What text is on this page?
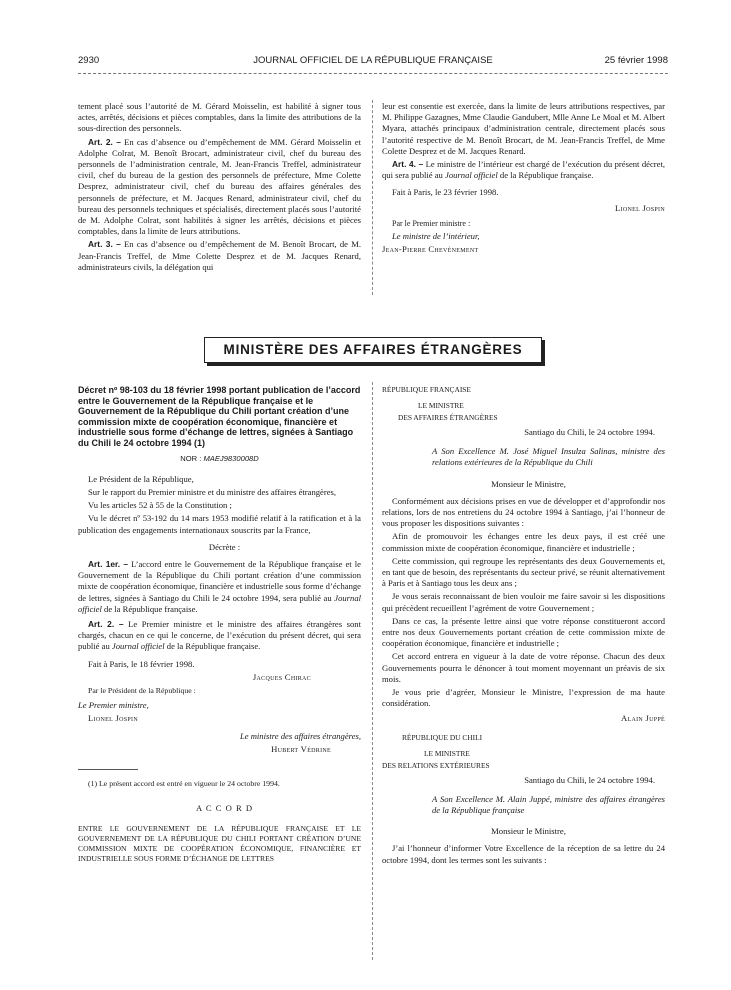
2930	JOURNAL OFFICIEL DE LA RÉPUBLIQUE FRANÇAISE	25 février 1998

tement placé sous l’autorité de M. Gérard Moisselin, est habilité à signer tous actes, arrêtés, décisions et pièces comptables, dans la limite des attributions de la sous-direction des personnels.

Art. 2. – En cas d’absence ou d’empêchement de MM. Gérard Moisselin et Adolphe Colrat, M. Benoît Brocart, administrateur civil, chef du bureau des personnels de l’administration centrale, M. Jean-Francis Treffel, administrateur civil, chef du bureau de la gestion des personnels de préfecture, Mme Colette Desprez, administrateur civil, chef du bureau des affaires générales des personnels de préfecture, et M. Jacques Renard, administrateur civil, chef du bureau des personnels techniques et spécialisés, directement placés sous l’autorité de M. Adolphe Colrat, sont habilités à signer les arrêtés, décisions et pièces comptables, dans la limite de leurs attributions.

Art. 3. – En cas d’absence ou d’empêchement de M. Benoît Brocart, de M. Jean-Francis Treffel, de Mme Colette Desprez et de M. Jacques Renard, administrateurs civils, la délégation qui

leur est consentie est exercée, dans la limite de leurs attributions respectives, par M. Philippe Gazagnes, Mme Claudie Gandubert, Mlle Anne Le Moal et M. Albert Myara, attachés principaux d’administration centrale, directement placés sous l’autorité respective de M. Benoît Brocart, de M. Jean-Francis Treffel, de Mme Colette Desprez et de M. Jacques Renard.

Art. 4. – Le ministre de l’intérieur est chargé de l’exécution du présent décret, qui sera publié au Journal officiel de la République française.

Fait à Paris, le 23 février 1998.

Lionel Jospin

Par le Premier ministre :

Le ministre de l’intérieur,

Jean-Pierre Chevènement

MINISTÈRE DES AFFAIRES ÉTRANGÈRES
Décret nº 98-103 du 18 février 1998 portant publication de l’accord entre le Gouvernement de la République française et le Gouvernement de la République du Chili portant création d’une commission mixte de coopération économique, financière et industrielle sous forme d’échange de lettres, signées à Santiago du Chili le 24 octobre 1994 (1)
NOR : MAEJ9830008D

Le Président de la République,

Sur le rapport du Premier ministre et du ministre des affaires étrangères,

Vu les articles 52 à 55 de la Constitution ;

Vu le décret nº 53-192 du 14 mars 1953 modifié relatif à la ratification et à la publication des engagements internationaux souscrits par la France,

Décrète :

Art. 1er. – L’accord entre le Gouvernement de la République française et le Gouvernement de la République du Chili portant création d’une commission mixte de coopération économique, financière et industrielle sous forme d’échange de lettres, signées à Santiago du Chili le 24 octobre 1994, sera publié au Journal officiel de la République française.

Art. 2. – Le Premier ministre et le ministre des affaires étrangères sont chargés, chacun en ce qui le concerne, de l’exécution du présent décret, qui sera publié au Journal officiel de la République française.

Fait à Paris, le 18 février 1998.

Jacques Chirac

Par le Président de la République :

Le Premier ministre,

Lionel Jospin

Le ministre des affaires étrangères,

Hubert Védrine

(1) Le présent accord est entré en vigueur le 24 octobre 1994.

A C C O R D

ENTRE LE GOUVERNEMENT DE LA RÉPUBLIQUE FRANÇAISE ET LE GOUVERNEMENT DE LA RÉPUBLIQUE DU CHILI PORTANT CRÉATION D’UNE COMMISSION MIXTE DE COOPÉRATION ÉCONOMIQUE, FINANCIÈRE ET INDUSTRIELLE SOUS FORME D’ÉCHANGE DE LETTRES

RÉPUBLIQUE FRANÇAISE

LE MINISTRE

DES AFFAIRES ÉTRANGÈRES

Santiago du Chili, le 24 octobre 1994.

A Son Excellence M. José Miguel Insulza Salinas, ministre des relations extérieures de la République du Chili

Monsieur le Ministre,

Conformément aux décisions prises en vue de développer et d’approfondir nos relations, lors de nos entretiens du 24 octobre 1994 à Santiago, j’ai l’honneur de vous proposer les dispositions suivantes :

Afin de promouvoir les échanges entre les deux pays, il est créé une commission mixte de coopération économique, financière et industrielle ;

Cette commission, qui regroupe les représentants des deux Gouvernements et, en tant que de besoin, des représentants du secteur privé, se réunit alternativement à Paris et à Santiago tous les deux ans ;

Je vous serais reconnaissant de bien vouloir me faire savoir si les dispositions qui précèdent recueillent l’agrément de votre Gouvernement ;

Dans ce cas, la présente lettre ainsi que votre réponse constitueront accord entre nos deux Gouvernements portant création de cette commission mixte de coopération économique, financière et industrielle ;

Cet accord entrera en vigueur à la date de votre réponse. Chacun des deux Gouvernements pourra le dénoncer à tout moment moyennant un préavis de six mois.

Je vous prie d’agréer, Monsieur le Ministre, l’expression de ma haute considération.

Alain Juppé

RÉPUBLIQUE DU CHILI

LE MINISTRE

DES RELATIONS EXTÉRIEURES

Santiago du Chili, le 24 octobre 1994.

A Son Excellence M. Alain Juppé, ministre des affaires étrangères de la République française

Monsieur le Ministre,

J’ai l’honneur d’informer Votre Excellence de la réception de sa lettre du 24 octobre 1994, dont les termes sont les suivants :
